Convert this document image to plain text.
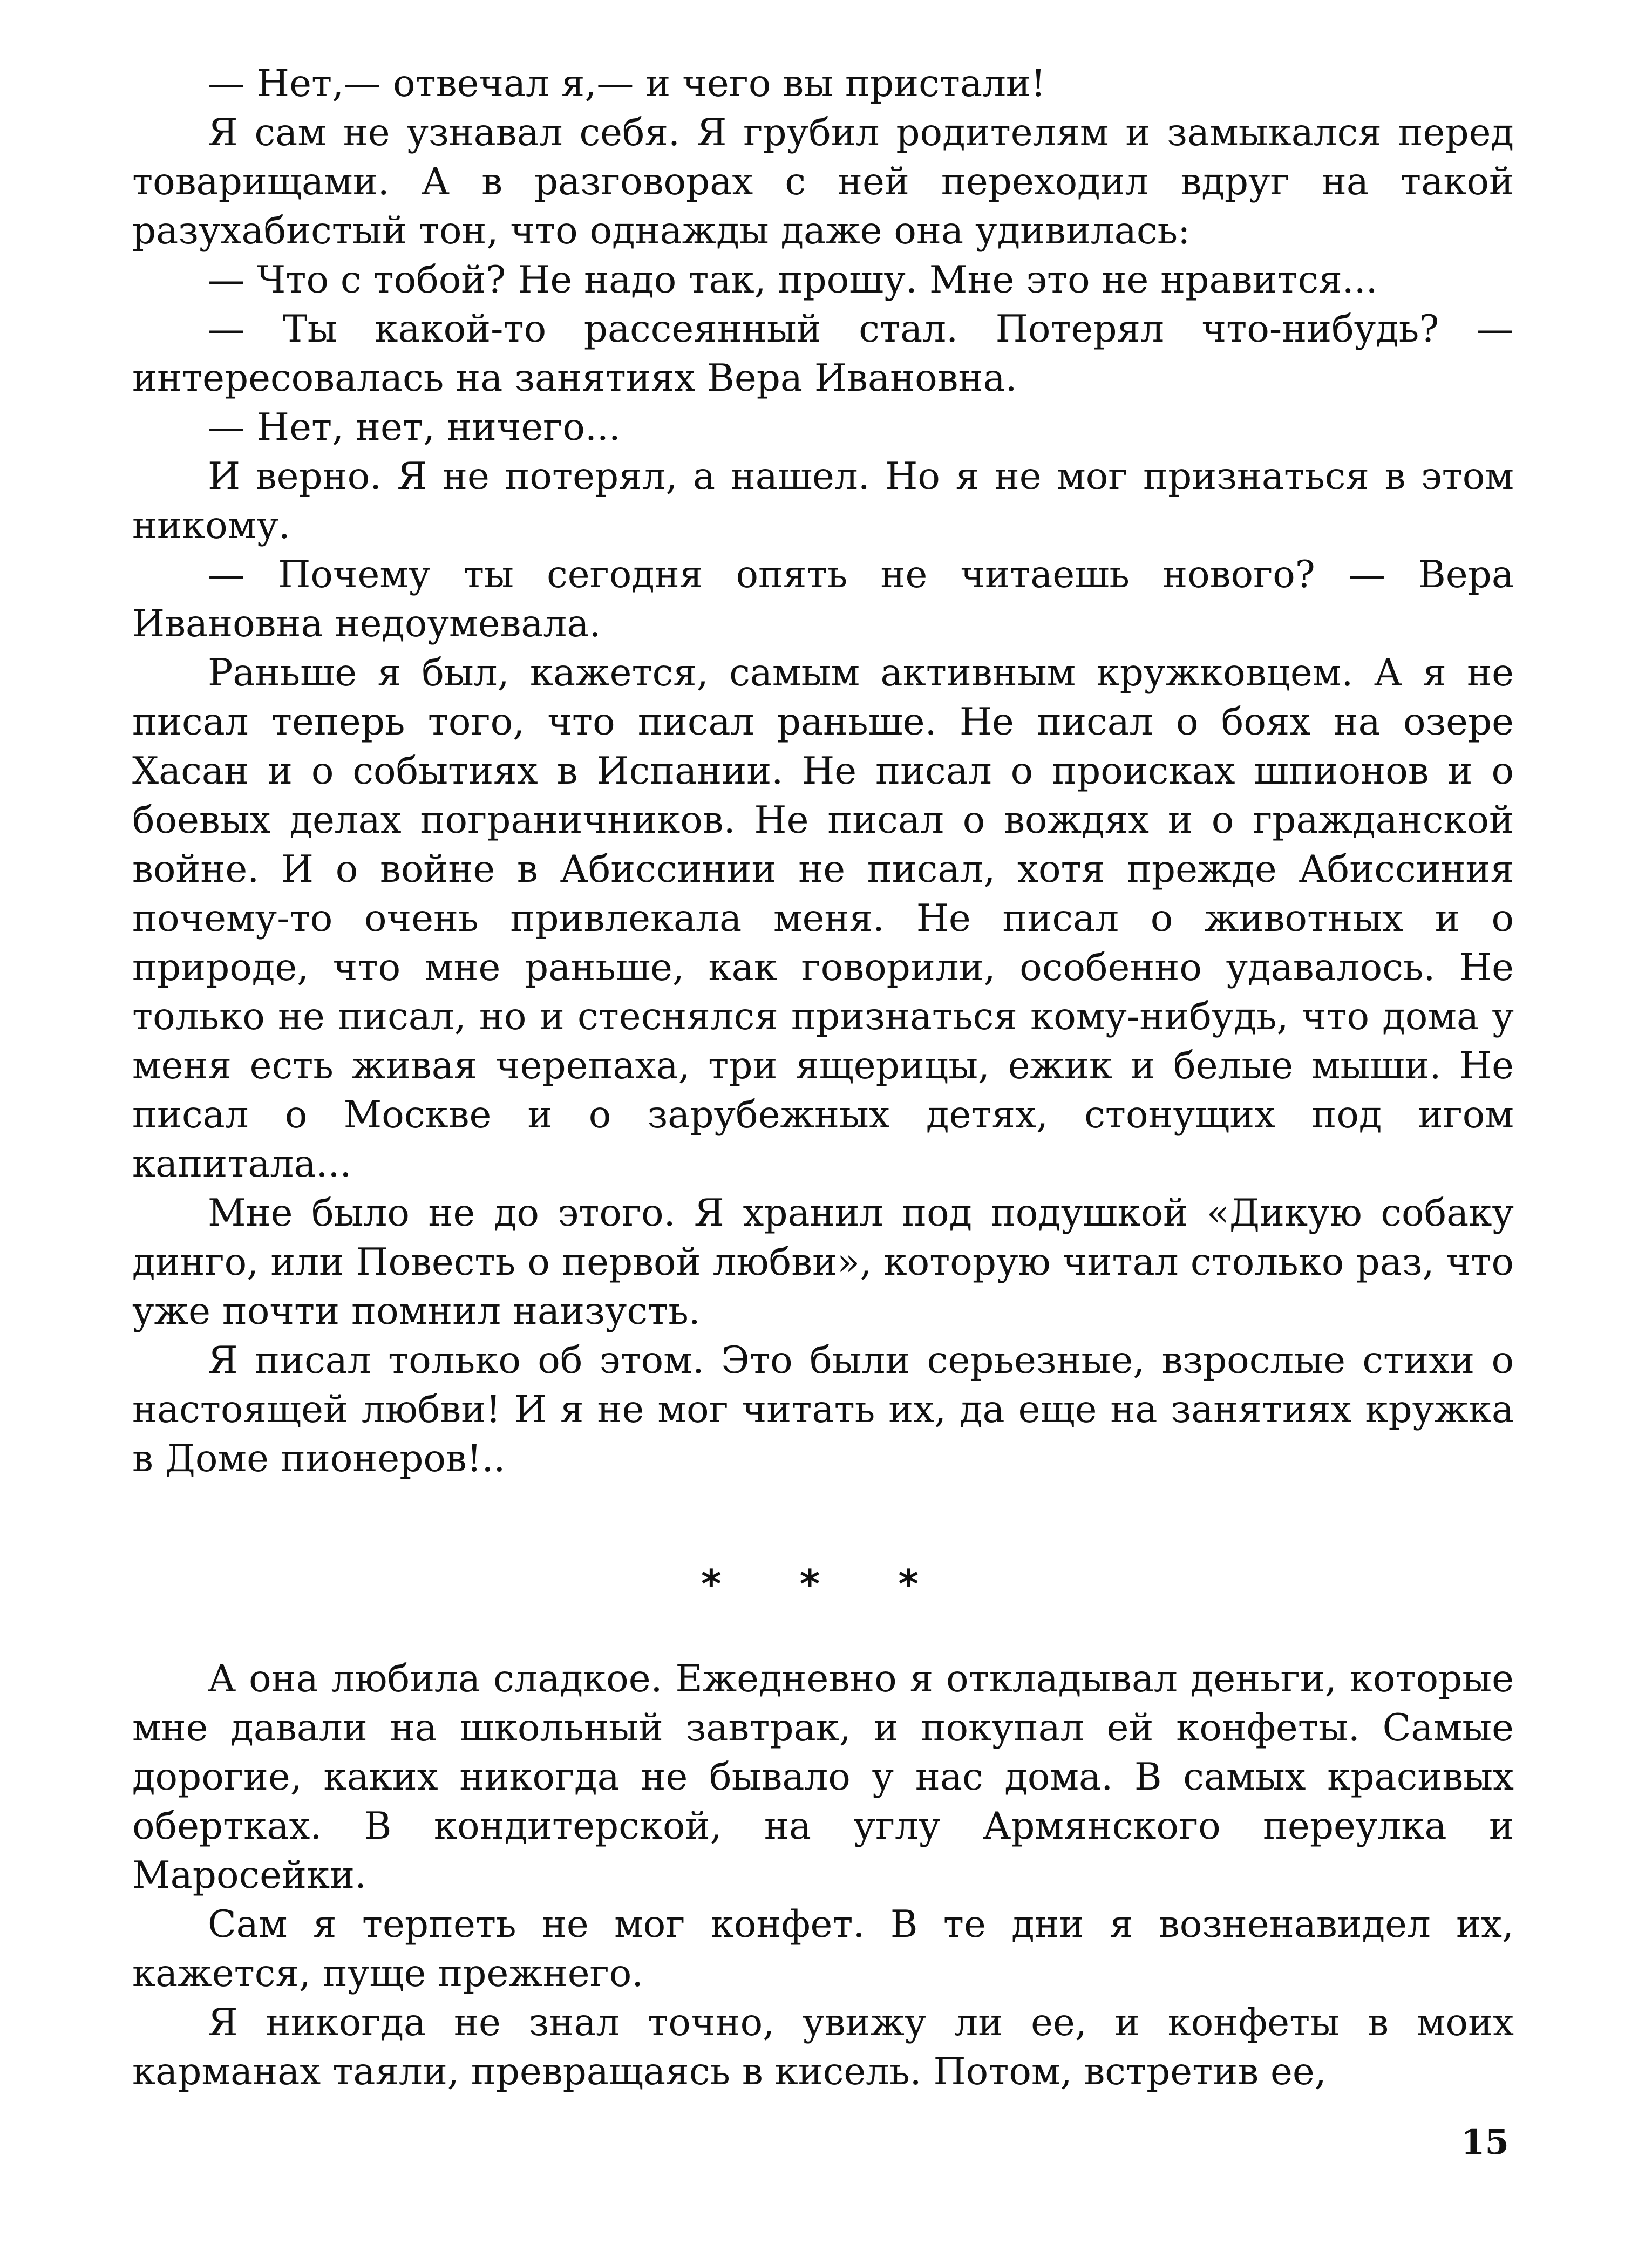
— Нет,— отвечал я,— и чего вы пристали!

Я сам не узнавал себя. Я грубил родителям и замыкался перед товарищами. А в разговорах с ней переходил вдруг на такой разухабистый тон, что однажды даже она удивилась:

— Что с тобой? Не надо так, прошу. Мне это не нравится...

— Ты какой-то рассеянный стал. Потерял что-нибудь? — интересовалась на занятиях Вера Ивановна.

— Нет, нет, ничего...

И верно. Я не потерял, а нашел. Но я не мог признаться в этом никому.

— Почему ты сегодня опять не читаешь нового? — Вера Ивановна недоумевала.

Раньше я был, кажется, самым активным кружковцем. А я не писал теперь того, что писал раньше. Не писал о боях на озере Хасан и о событиях в Испании. Не писал о происках шпионов и о боевых делах пограничников. Не писал о вождях и о гражданской войне. И о войне в Абиссинии не писал, хотя прежде Абиссиния почему-то очень привлекала меня. Не писал о животных и о природе, что мне раньше, как говорили, особенно удавалось. Не только не писал, но и стеснялся признаться кому-нибудь, что дома у меня есть живая черепаха, три ящерицы, ежик и белые мыши. Не писал о Москве и о зарубежных детях, стонущих под игом капитала...

Мне было не до этого. Я хранил под подушкой «Дикую собаку динго, или Повесть о первой любви», которую читал столько раз, что уже почти помнил наизусть.

Я писал только об этом. Это были серьезные, взрослые стихи о настоящей любви! И я не мог читать их, да еще на занятиях кружка в Доме пионеров!..

* * *

А она любила сладкое. Ежедневно я откладывал деньги, которые мне давали на школьный завтрак, и покупал ей конфеты. Самые дорогие, каких никогда не бывало у нас дома. В самых красивых обертках. В кондитерской, на углу Армянского переулка и Маросейки.

Сам я терпеть не мог конфет. В те дни я возненавидел их, кажется, пуще прежнего.

Я никогда не знал точно, увижу ли ее, и конфеты в моих карманах таяли, превращаясь в кисель. Потом, встретив ее,

15
